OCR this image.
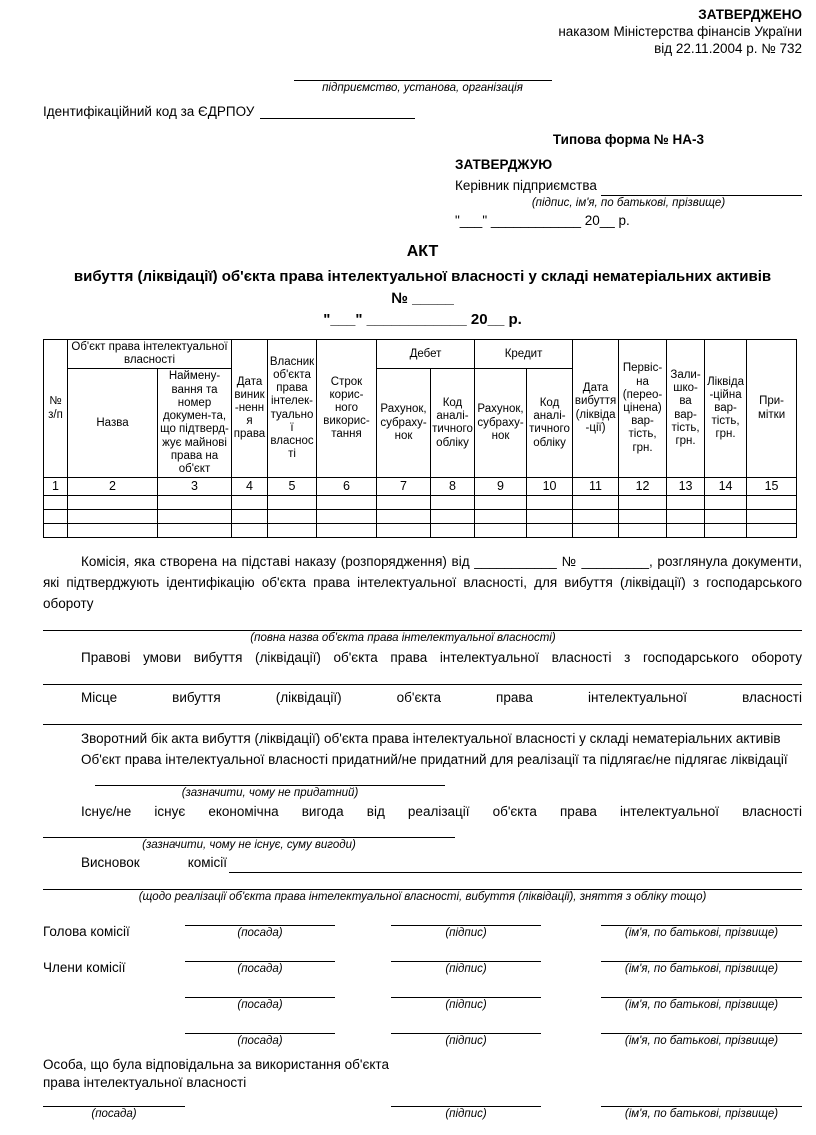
ЗАТВЕРДЖЕНО
наказом Міністерства фінансів України
від 22.11.2004 р. № 732
підприємство, установа, організація
Ідентифікаційний код за ЄДРПОУ
Типова форма № НА-3
ЗАТВЕРДЖУЮ
Керівник підприємства
(підпис, ім'я, по батькові, прізвище)
"___" ____________ 20__ р.
АКТ
вибуття (ліквідації) об'єкта права інтелектуальної власності у складі нематеріальних активів № _____
"___" ____________ 20__ р.
№ з/п	Об'єкт права інтелектуальної власності		Дата виник-нення права	Власник об'єкта права інтелек-туальної власності	Строк корис-ного викорис-тання	Дебет		Кредит		Дата вибуття (ліквіда-ції)	Первіс-на (перео-цінена) вар-тість, грн.	Зали-шко-ва вар-тість, грн.	Ліквіда-ційна вар-тість, грн.	При-мітки
	Назва	Наймену-вання та номер докумен-та, що підтверд-жує майнові права на об'єкт				Рахунок, субраху-нок	Код аналі-тичного обліку	Рахунок, субраху-нок	Код аналі-тичного обліку					
1	2	3	4	5	6	7	8	9	10	11	12	13	14	15

Комісія, яка створена на підставі наказу (розпорядження) від ___________ № _________, розглянула документи, які підтверджують ідентифікацію об'єкта права інтелектуальної власності, для вибуття (ліквідації) з господарського обороту

(повна назва об'єкта права інтелектуальної власності)

Правові умови вибуття (ліквідації) об'єкта права інтелектуальної власності з господарського обороту

Місце вибуття (ліквідації) об'єкта права інтелектуальної власності

Зворотний бік акта вибуття (ліквідації) об'єкта права інтелектуальної власності у складі нематеріальних активів

Об'єкт права інтелектуальної власності придатний/не придатний для реалізації та підлягає/не підлягає ліквідації

(зазначити, чому не придатний)

Існує/не існує економічна вигода від реалізації об'єкта права інтелектуальної власності

(зазначити, чому не існує, суму вигоди)
Висновок	комісії
(щодо реалізації об'єкта права інтелектуальної власності, вибуття (ліквідації), зняття з обліку тощо)
Голова комісії	(посада)	(підпис)	(ім'я, по батькові, прізвище)
Члени комісії	(посада)	(підпис)	(ім'я, по батькові, прізвище)
(посада)	(підпис)	(ім'я, по батькові, прізвище)
(посада)	(підпис)	(ім'я, по батькові, прізвище)
Особа, що була відповідальна за використання об'єкта права інтелектуальної власності
(посада)	(підпис)	(ім'я, по батькові, прізвище)
